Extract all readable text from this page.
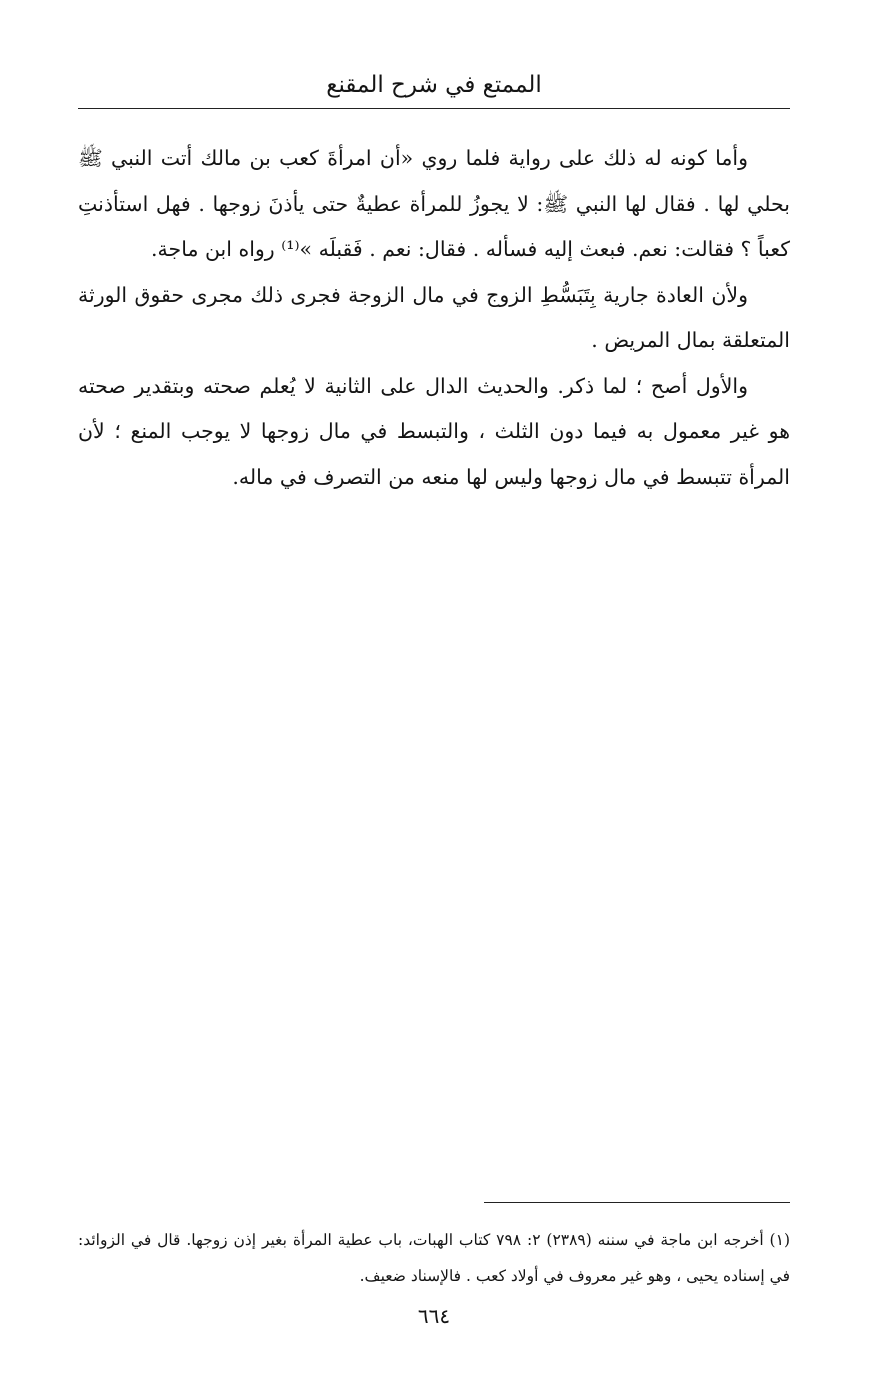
الممتع في شرح المقنع

وأما كونه له ذلك على رواية فلما روي «أن امرأةَ كعب بن مالك أتت النبي ﷺ بحلي لها . فقال لها النبي ﷺ: لا يجوزُ للمرأة عطيةٌ حتى يأذنَ زوجها . فهل استأذنتِ كعباً ؟ فقالت: نعم. فبعث إليه فسأله . فقال: نعم . فَقبلَه »⁽¹⁾ رواه ابن ماجة.

ولأن العادة جارية بِتَبَسُّطِ الزوج في مال الزوجة فجرى ذلك مجرى حقوق الورثة المتعلقة بمال المريض .

والأول أصح ؛ لما ذكر. والحديث الدال على الثانية لا يُعلم صحته وبتقدير صحته هو غير معمول به فيما دون الثلث ، والتبسط في مال زوجها لا يوجب المنع ؛ لأن المرأة تتبسط في مال زوجها وليس لها منعه من التصرف في ماله.

(١) أخرجه ابن ماجة في سننه (٢٣٨٩) ٢: ٧٩٨ كتاب الهبات، باب عطية المرأة بغير إذن زوجها. قال في الزوائد: في إسناده يحيى ، وهو غير معروف في أولاد كعب . فالإسناد ضعيف.

٦٦٤
